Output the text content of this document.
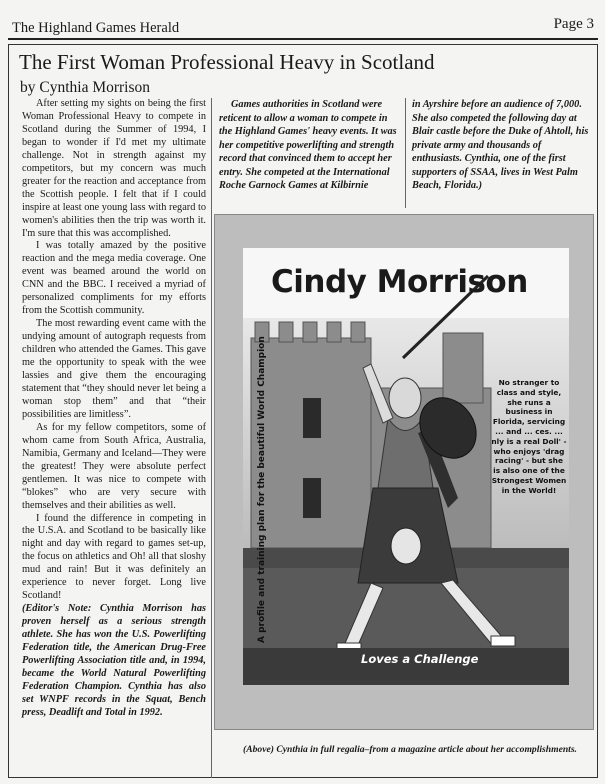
The Highland Games Herald	Page 3
The First Woman Professional Heavy in Scotland
by Cynthia Morrison

After setting my sights on being the first Woman Professional Heavy to compete in Scotland during the Summer of 1994, I began to wonder if I'd met my ultimate challenge. Not in strength against my competitors, but my concern was much greater for the reaction and acceptance from the Scottish people. I felt that if I could inspire at least one young lass with regard to women's abilities then the trip was worth it. I'm sure that this was accomplished.

I was totally amazed by the positive reaction and the mega media coverage. One event was beamed around the world on CNN and the BBC. I received a myriad of personalized compliments for my efforts from the Scottish community.

The most rewarding event came with the undying amount of autograph requests from children who attended the Games. This gave me the opportunity to speak with the wee lassies and give them the encouraging statement that “they should never let being a woman stop them” and that “their possibilities are limitless”.

As for my fellow competitors, some of whom came from South Africa, Australia, Namibia, Germany and Iceland—They were the greatest! They were absolute perfect gentlemen. It was nice to compete with “blokes” who are very secure with themselves and their abilities as well.

I found the difference in competing in the U.S.A. and Scotland to be basically like night and day with regard to games set-up, the focus on athletics and Oh! all that sloshy mud and rain! But it was definitely an experience to never forget. Long live Scotland!

(Editor's Note: Cynthia Morrison has proven herself as a serious strength athlete. She has won the U.S. Powerlifting Federation title, the American Drug-Free Powerlifting Association title and, in 1994, became the World Natural Powerlifting Federation Champion. Cynthia has also set WNPF records in the Squat, Bench press, Deadlift and Total in 1992.

Games authorities in Scotland were reticent to allow a woman to compete in the Highland Games' heavy events. It was her competitive powerlifting and strength record that convinced them to accept her entry. She competed at the International Roche Garnock Games at Kilbirnie

in Ayrshire before an audience of 7,000. She also competed the following day at Blair castle before the Duke of Ahtoll, his private army and thousands of enthusiasts. Cynthia, one of the first supporters of SSAA, lives in West Palm Beach, Florida.)

Cindy Morrison
A profile and training plan for the beautiful World Champion	No stranger to class and style, she runs a business in Florida, servicing ... and ... ces. ... nly is a real Doll' - who enjoys 'drag racing' - but she is also one of the Strongest Women in the World!
Loves a Challenge
(Above) Cynthia in full regalia–from a magazine article about her accomplishments.
